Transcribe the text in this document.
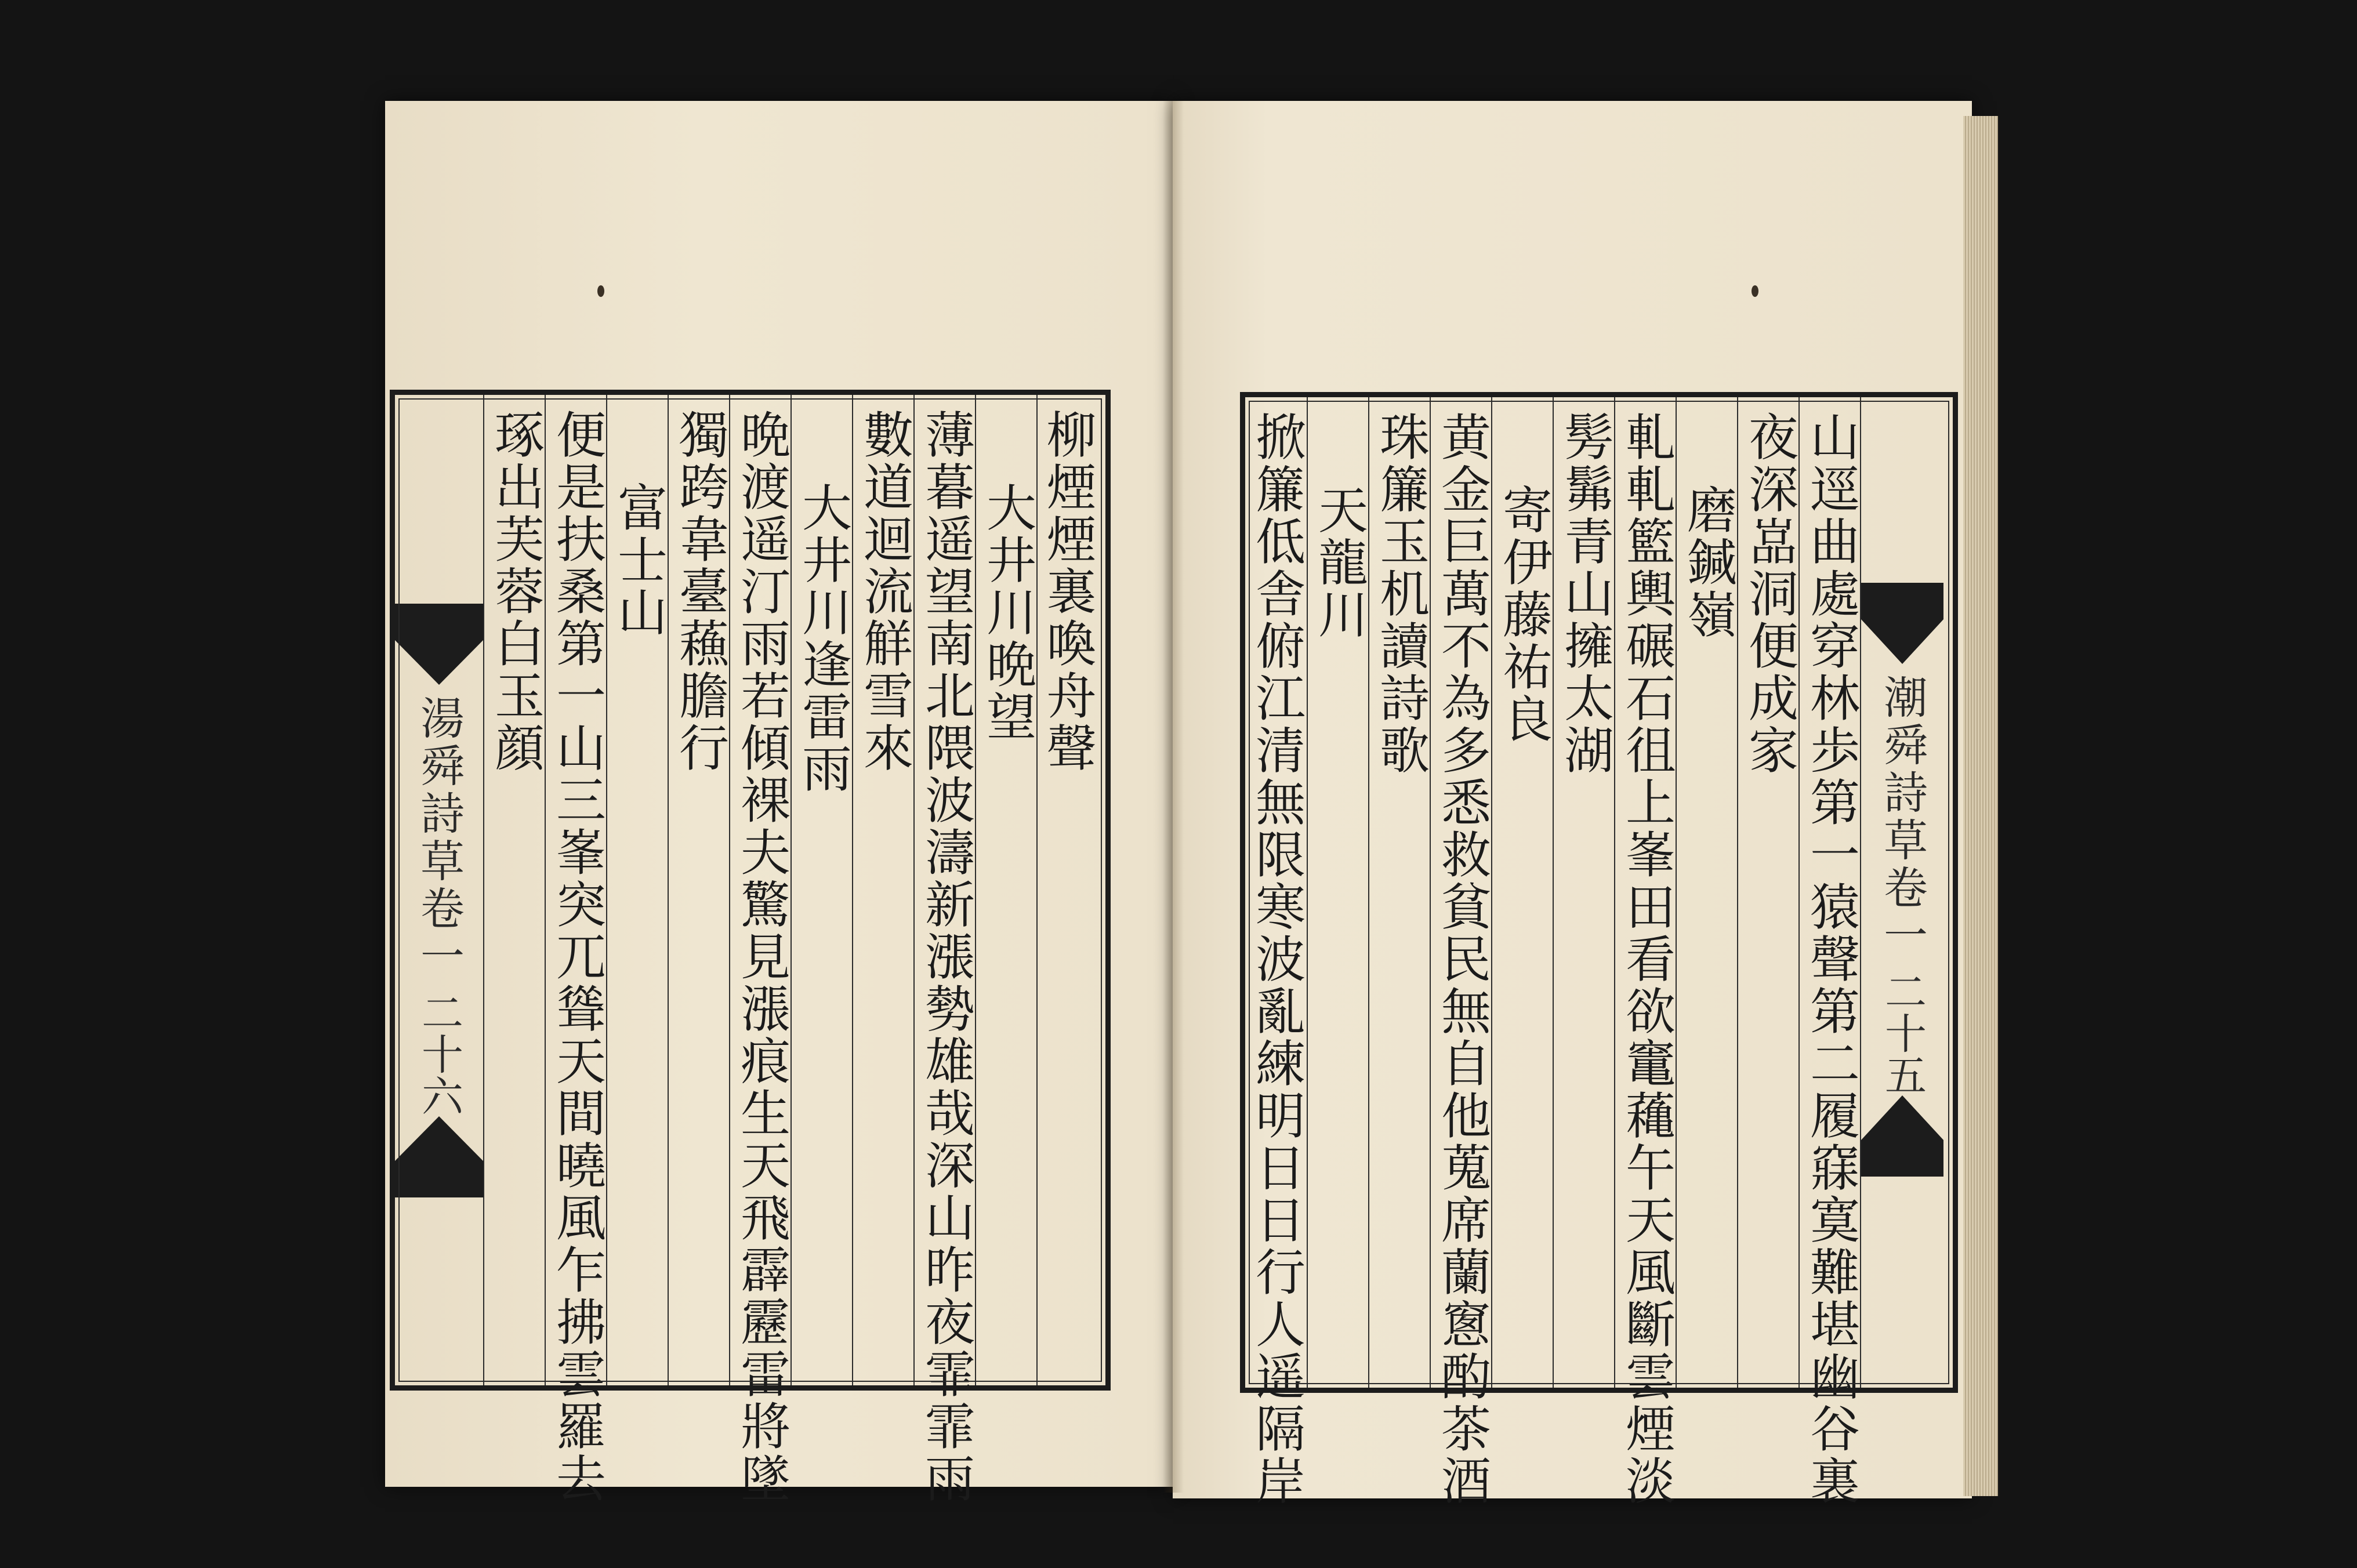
湯舜詩草卷一
二十六
琢出芙蓉白玉顔 便是扶桑第一山三峯突兀聳天間曉風乍拂雲羅去 富士山 獨跨韋臺蘓膽行 晩渡遥汀雨若傾裸夫驚見漲痕生天飛霹靂雷將墜 大井川逢雷雨 數道迴流觧雪來 薄暮遥望南北隈波濤新漲勢雄哉深山昨夜霏霏雨 大井川晩望 柳煙煙裏喚舟聲	掀簾低舎俯江清無限寒波亂練明日日行人遥隔岸 天龍川 珠簾玉机讀詩歌 黄金巨萬不為多悉救貧民無自他蒐席蘭窻酌茶酒 寄伊藤祐良 髣髴青山擁太湖 軋軋籃輿碾石徂上峯田看欲竃蘒午天風斷雲煙淡 磨鍼嶺 夜深嵓洞便成家 山逕曲處穿林歩第一猿聲第二履𥧌寞難堪幽谷裏 潮舜詩草卷一
二十五
